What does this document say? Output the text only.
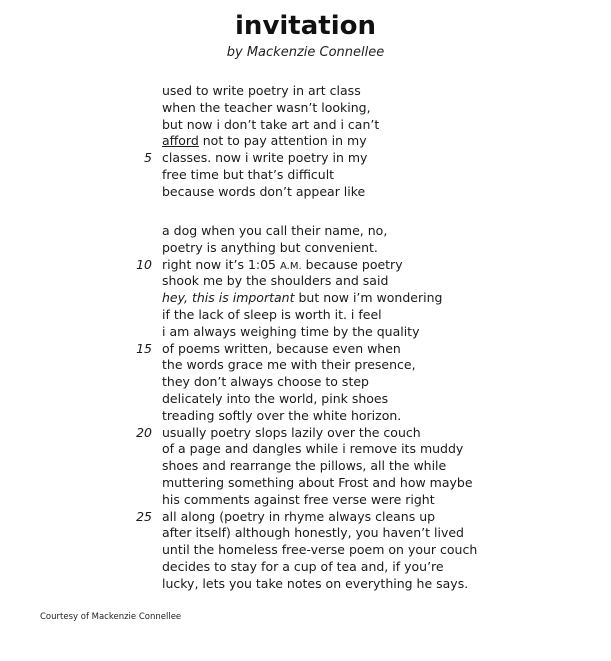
invitation
by Mackenzie Connellee
used to write poetry in art class
when the teacher wasn’t looking,
but now i don’t take art and i can’t
afford not to pay attention in my
5 classes. now i write poetry in my
free time but that’s difficult
because words don’t appear like
a dog when you call their name, no,
poetry is anything but convenient.
10 right now it’s 1:05 A.M. because poetry
shook me by the shoulders and said
hey, this is important but now i’m wondering
if the lack of sleep is worth it. i feel
i am always weighing time by the quality
15 of poems written, because even when
the words grace me with their presence,
they don’t always choose to step
delicately into the world, pink shoes
treading softly over the white horizon.
20 usually poetry slops lazily over the couch
of a page and dangles while i remove its muddy
shoes and rearrange the pillows, all the while
muttering something about Frost and how maybe
his comments against free verse were right
25 all along (poetry in rhyme always cleans up
after itself) although honestly, you haven’t lived
until the homeless free-verse poem on your couch
decides to stay for a cup of tea and, if you’re
lucky, lets you take notes on everything he says.
Courtesy of Mackenzie Connellee
